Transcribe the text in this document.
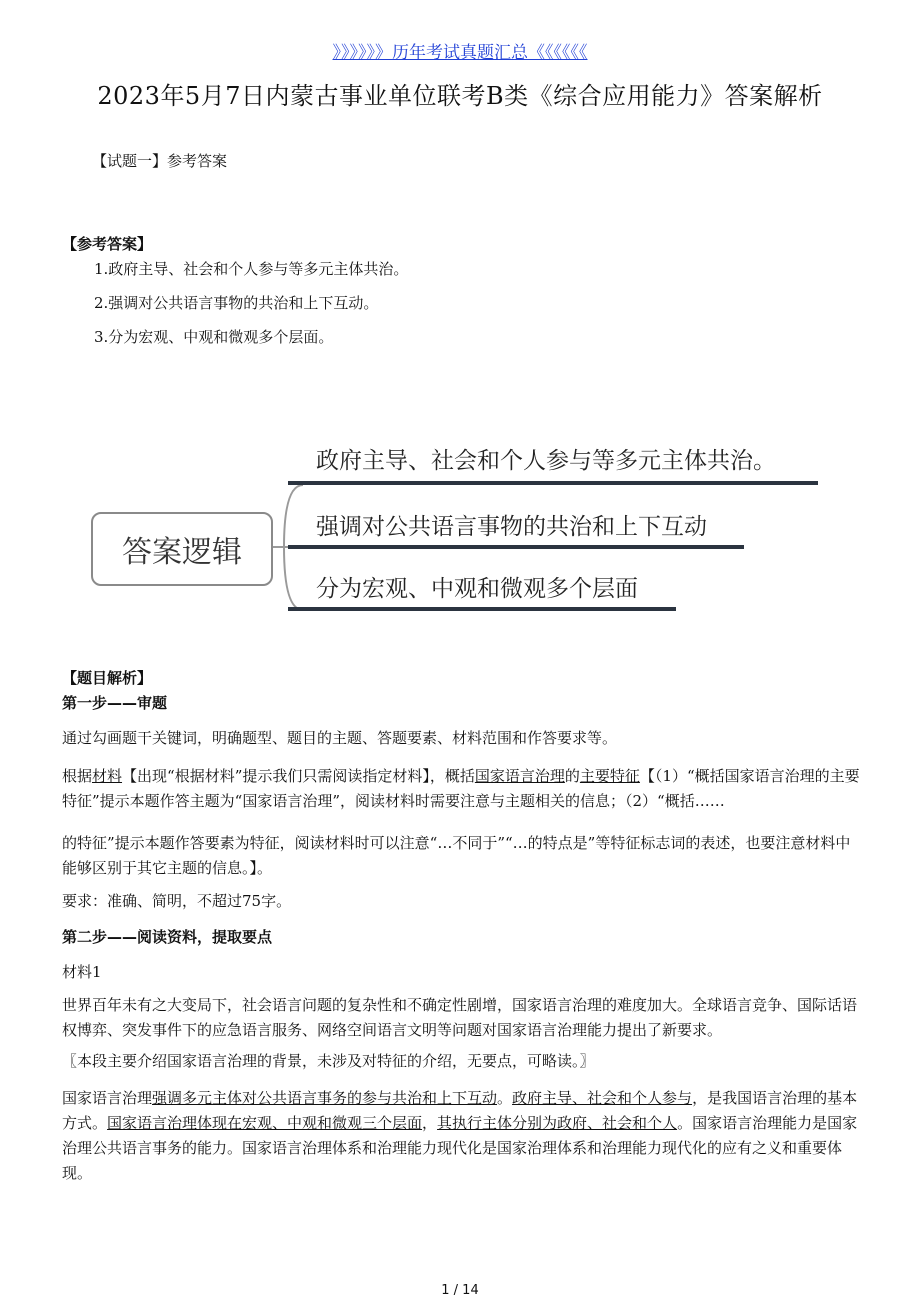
》》》》》》历年考试真题汇总《《《《《《
2023年5月7日内蒙古事业单位联考B类《综合应用能力》答案解析
【试题一】参考答案
【参考答案】
1.政府主导、社会和个人参与等多元主体共治。
2.强调对公共语言事物的共治和上下互动。
3.分为宏观、中观和微观多个层面。
答案逻辑
政府主导、社会和个人参与等多元主体共治。
强调对公共语言事物的共治和上下互动
分为宏观、中观和微观多个层面
【题目解析】
第一步——审题
通过勾画题干关键词，明确题型、题目的主题、答题要素、材料范围和作答要求等。
根据材料【出现“根据材料”提示我们只需阅读指定材料】，概括国家语言治理的主要特征【（1）“概括国家语言治理的主要特征”提示本题作答主题为“国家语言治理”，阅读材料时需要注意与主题相关的信息；（2）“概括……
的特征”提示本题作答要素为特征，阅读材料时可以注意“…不同于”“…的特点是”等特征标志词的表述，也要注意材料中能够区别于其它主题的信息。】。
要求：准确、简明，不超过75字。
第二步——阅读资料，提取要点
材料1
世界百年未有之大变局下，社会语言问题的复杂性和不确定性剧增，国家语言治理的难度加大。全球语言竞争、国际话语权博弈、突发事件下的应急语言服务、网络空间语言文明等问题对国家语言治理能力提出了新要求。
〖本段主要介绍国家语言治理的背景，未涉及对特征的介绍，无要点，可略读。〗
国家语言治理强调多元主体对公共语言事务的参与共治和上下互动。政府主导、社会和个人参与，是我国语言治理的基本方式。国家语言治理体现在宏观、中观和微观三个层面，其执行主体分别为政府、社会和个人。国家语言治理能力是国家治理公共语言事务的能力。国家语言治理体系和治理能力现代化是国家治理体系和治理能力现代化的应有之义和重要体现。
1 / 14
